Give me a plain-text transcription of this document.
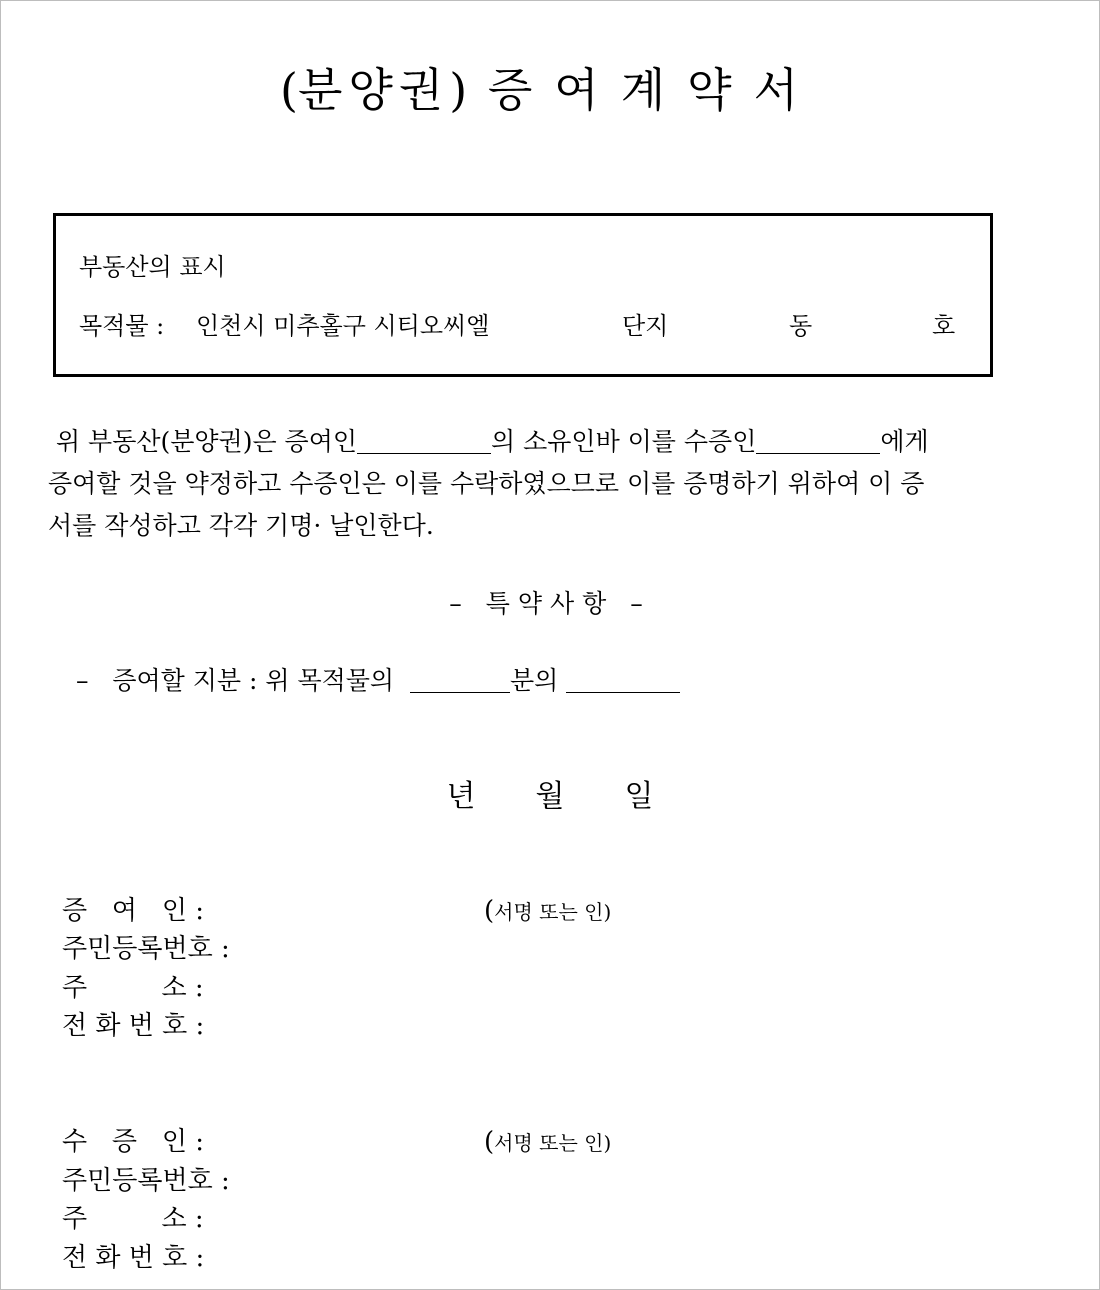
(분양권) 증여계약서
부동산의 표시
목적물 : 인천시 미추홀구 시티오씨엘	단지	동	호
위 부동산(분양권)은 증여인	의 소유인바 이를 수증인	에게
증여할 것을 약정하고 수증인은 이를 수락하였으므로 이를 증명하기 위하여 이 증
서를 작성하고 각각 기명· 날인한다.
– 특약사항 –
– 증여할 지분 : 위 목적물의	분의
년 월 일
증   여   인 :	(서명 또는 인)
주민등록번호 :
주         소 :
전 화 번 호 :
수   증   인 :	(서명 또는 인)
주민등록번호 :
주         소 :
전 화 번 호 :
